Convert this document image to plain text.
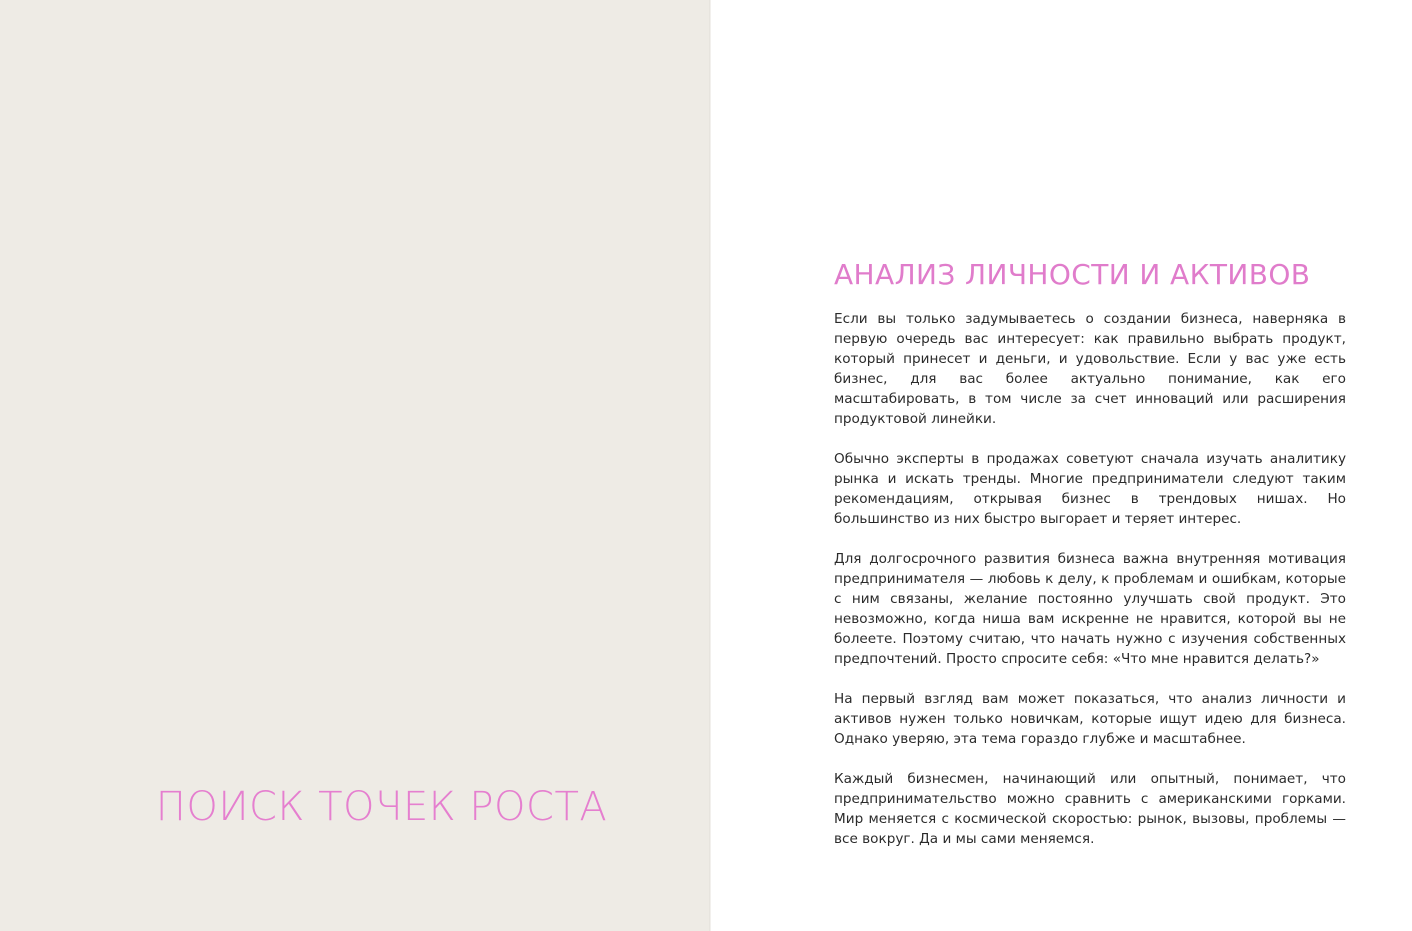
ПОИСК ТОЧЕК РОСТА
АНАЛИЗ ЛИЧНОСТИ И АКТИВОВ

Если вы только задумываетесь о создании бизнеса, наверняка в первую очередь вас интересует: как правильно выбрать продукт, который принесет и деньги, и удовольствие. Если у вас уже есть бизнес, для вас более актуально понимание, как его масштабировать, в том числе за счет инноваций или расширения продуктовой линейки.

Обычно эксперты в продажах советуют сначала изучать аналитику рынка и искать тренды. Многие предприниматели следуют таким рекомендациям, открывая бизнес в трендовых нишах. Но большинство из них быстро выгорает и теряет интерес.

Для долгосрочного развития бизнеса важна внутренняя мотивация предпринимателя — любовь к делу, к проблемам и ошибкам, которые с ним связаны, желание постоянно улучшать свой продукт. Это невозможно, когда ниша вам искренне не нравится, которой вы не болеете. Поэтому считаю, что начать нужно с изучения собственных предпочтений. Просто спросите себя: «Что мне нравится делать?»

На первый взгляд вам может показаться, что анализ личности и активов нужен только новичкам, которые ищут идею для бизнеса. Однако уверяю, эта тема гораздо глубже и масштабнее.

Каждый бизнесмен, начинающий или опытный, понимает, что предпринимательство можно сравнить с американскими горками. Мир меняется с космической скоростью: рынок, вызовы, проблемы — все вокруг. Да и мы сами меняемся.
